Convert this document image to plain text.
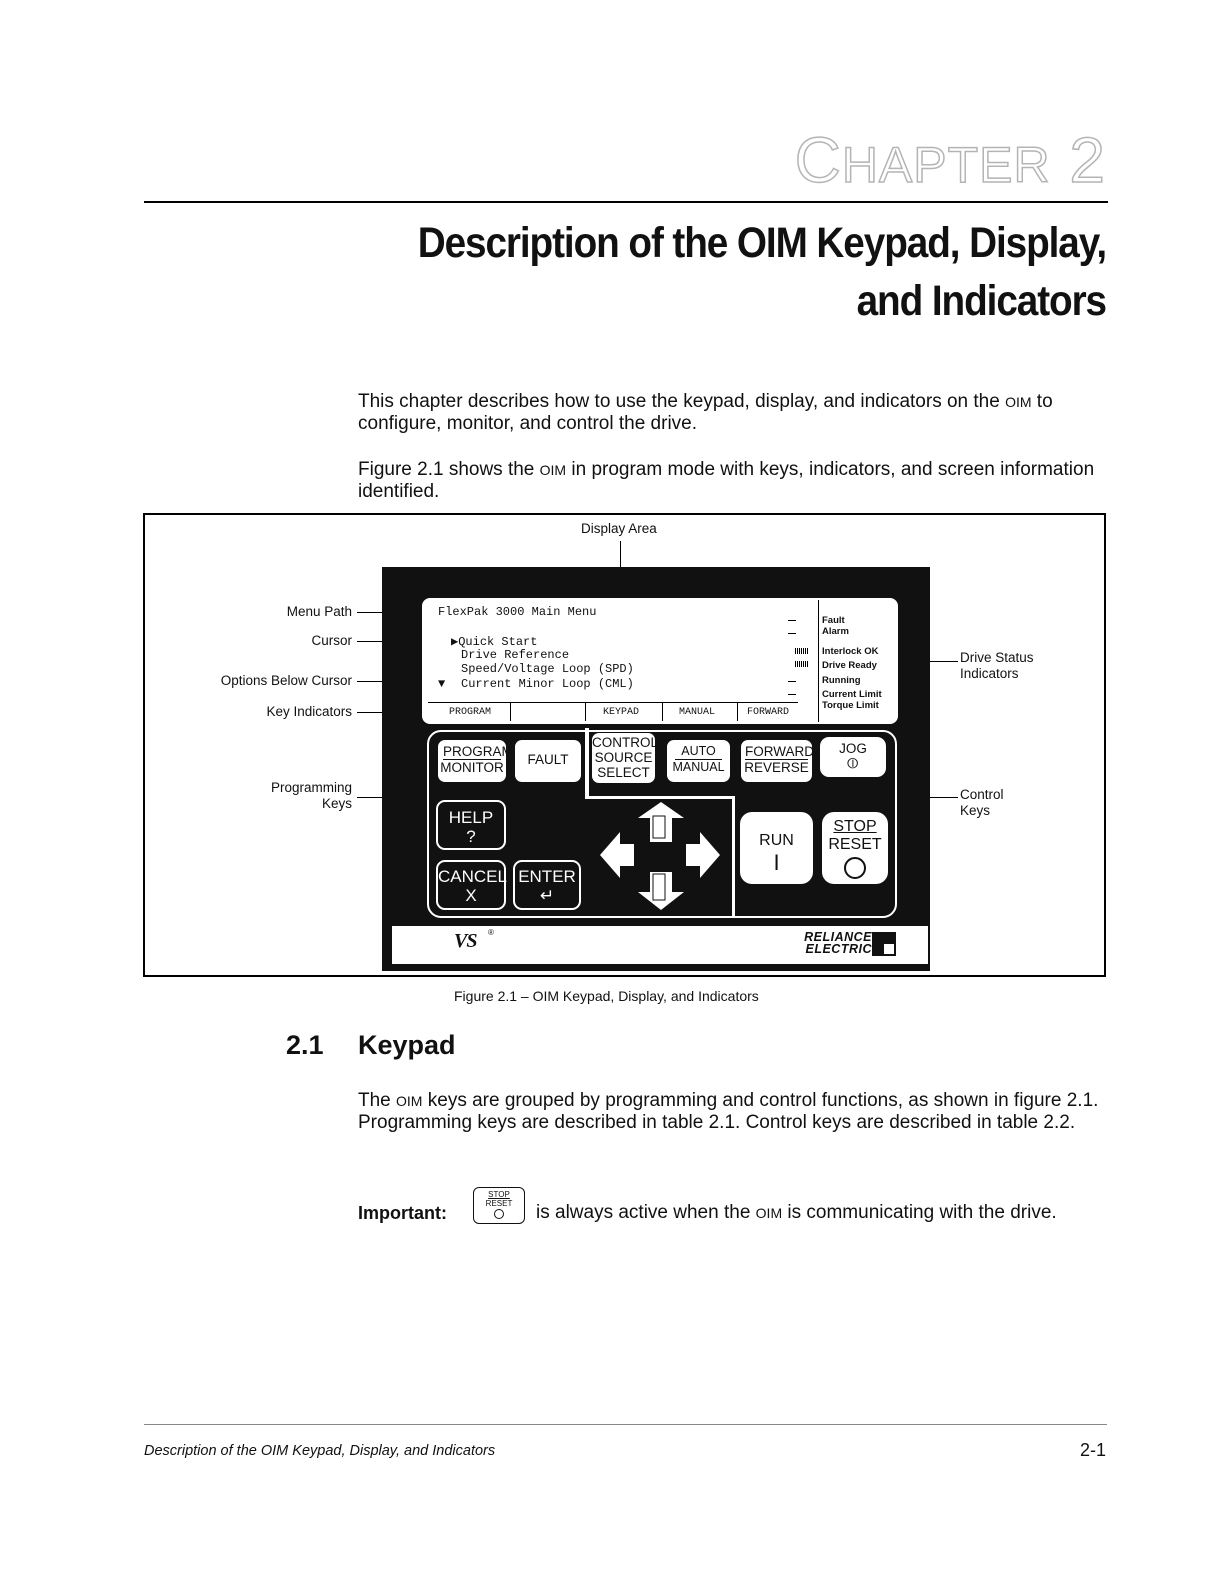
CHAPTER 2
Description of the OIM Keypad, Display,
and Indicators
This chapter describes how to use the keypad, display, and indicators on the OIM to configure, monitor, and control the drive.
Figure 2.1 shows the OIM in program mode with keys, indicators, and screen information identified.
Display Area
Menu Path
Cursor
Options Below Cursor
Key Indicators
Programming
Keys
Drive Status
Indicators
Control
Keys
FlexPak 3000 Main Menu
▶Quick Start
Drive Reference
Speed/Voltage Loop (SPD)
▼ Current Minor Loop (CML)
PROGRAM	KEYPAD	MANUAL	FORWARD
Fault
Alarm
Interlock OK
Drive Ready
Running
Current Limit
Torque Limit
PROGRAM
MONITOR
FAULT
CONTROL
SOURCE
SELECT
AUTO
MANUAL
FORWARD
REVERSE
JOG
⦶
HELP
?
CANCEL
X
ENTER
↵
RUN
I
STOP
RESET
VS ®	RELIANCE
ELECTRIC
Figure 2.1 – OIM Keypad, Display, and Indicators
2.1 Keypad
The OIM keys are grouped by programming and control functions, as shown in figure 2.1. Programming keys are described in table 2.1. Control keys are described in table 2.2.
Important:
STOP
RESET	is always active when the OIM is communicating with the drive.
Description of the OIM Keypad, Display, and Indicators	2-1
